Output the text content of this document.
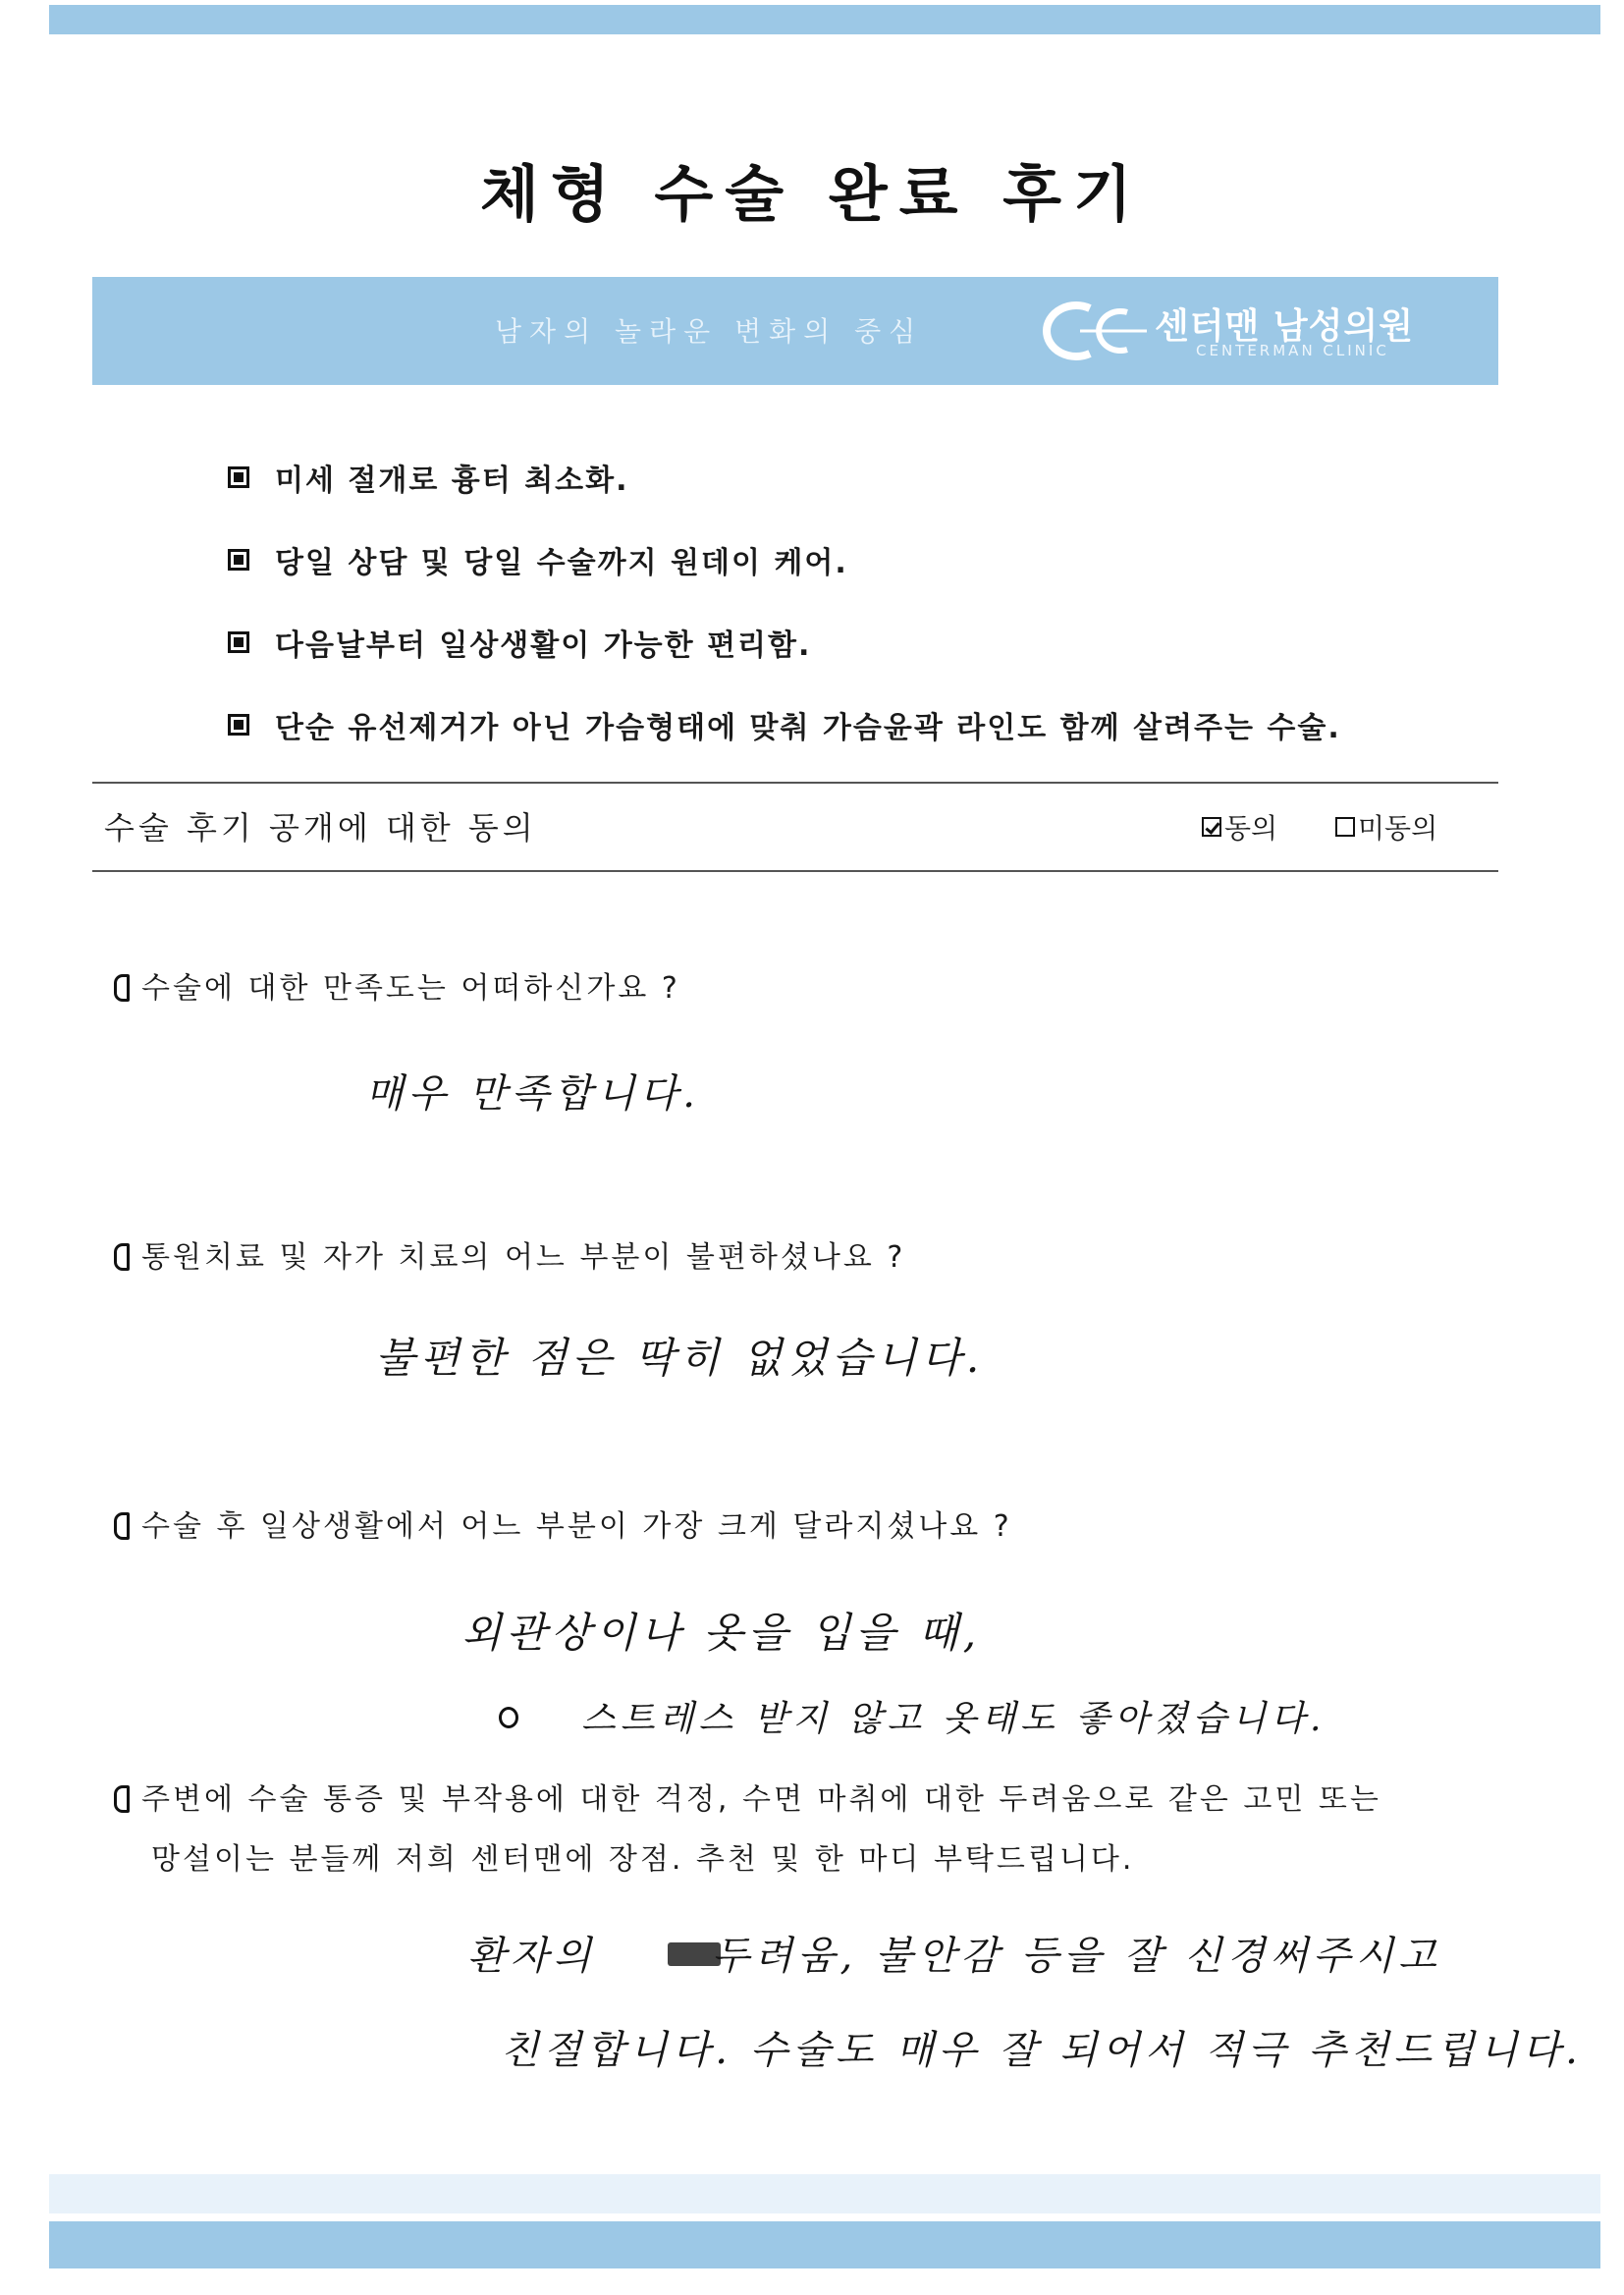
체형 수술 완료 후기
남자의 놀라운 변화의 중심	센터맨 남성의원
CENTERMAN CLINIC
미세 절개로 흉터 최소화.
당일 상담 및 당일 수술까지 원데이 케어.
다음날부터 일상생활이 가능한 편리함.
단순 유선제거가 아닌 가슴형태에 맞춰 가슴윤곽 라인도 함께 살려주는 수술.
수술 후기 공개에 대한 동의	동의	미동의
수술에 대한 만족도는 어떠하신가요 ?
매우 만족합니다.
통원치료 및 자가 치료의 어느 부분이 불편하셨나요 ?
불편한 점은 딱히 없었습니다.
수술 후 일상생활에서 어느 부분이 가장 크게 달라지셨나요 ?
외관상이나 옷을 입을 때,
스트레스 받지 않고 옷태도 좋아졌습니다.
주변에 수술 통증 및 부작용에 대한 걱정, 수면 마취에 대한 두려움으로 같은 고민 또는
망설이는 분들께 저희 센터맨에 장점. 추천 및 한 마디 부탁드립니다.
환자의	두려움, 불안감 등을 잘 신경써주시고
친절합니다. 수술도 매우 잘 되어서 적극 추천드립니다.
